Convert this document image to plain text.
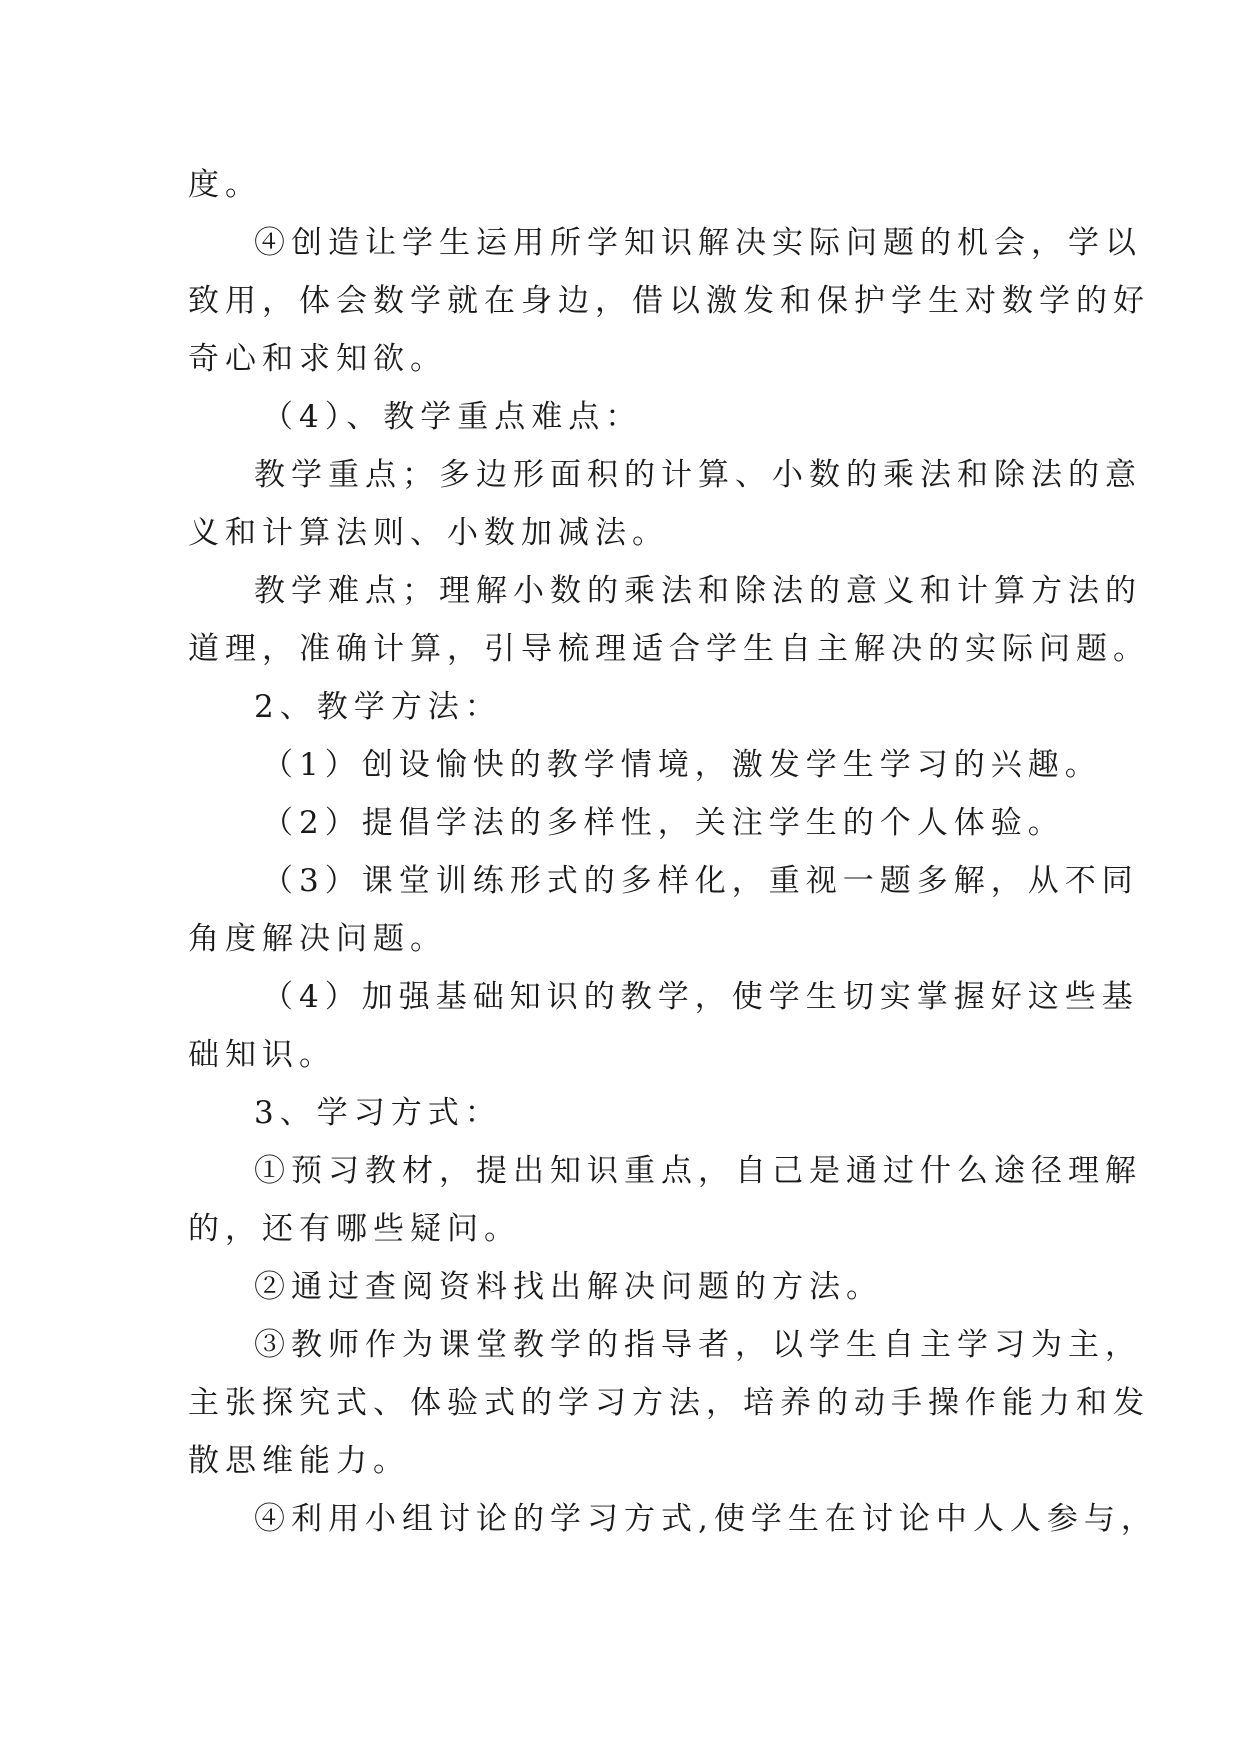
度。
④创造让学生运用所学知识解决实际问题的机会，学以
致用，体会数学就在身边，借以激发和保护学生对数学的好
奇心和求知欲。
（4）、教学重点难点：
教学重点；多边形面积的计算、小数的乘法和除法的意
义和计算法则、小数加减法。
教学难点；理解小数的乘法和除法的意义和计算方法的
道理，准确计算，引导梳理适合学生自主解决的实际问题。
2、教学方法：
（1）创设愉快的教学情境，激发学生学习的兴趣。
（2）提倡学法的多样性，关注学生的个人体验。
（3）课堂训练形式的多样化，重视一题多解，从不同
角度解决问题。
（4）加强基础知识的教学，使学生切实掌握好这些基
础知识。
3、学习方式：
①预习教材，提出知识重点，自己是通过什么途径理解
的，还有哪些疑问。
②通过查阅资料找出解决问题的方法。
③教师作为课堂教学的指导者，以学生自主学习为主，
主张探究式、体验式的学习方法，培养的动手操作能力和发
散思维能力。
④利用小组讨论的学习方式,使学生在讨论中人人参与，
